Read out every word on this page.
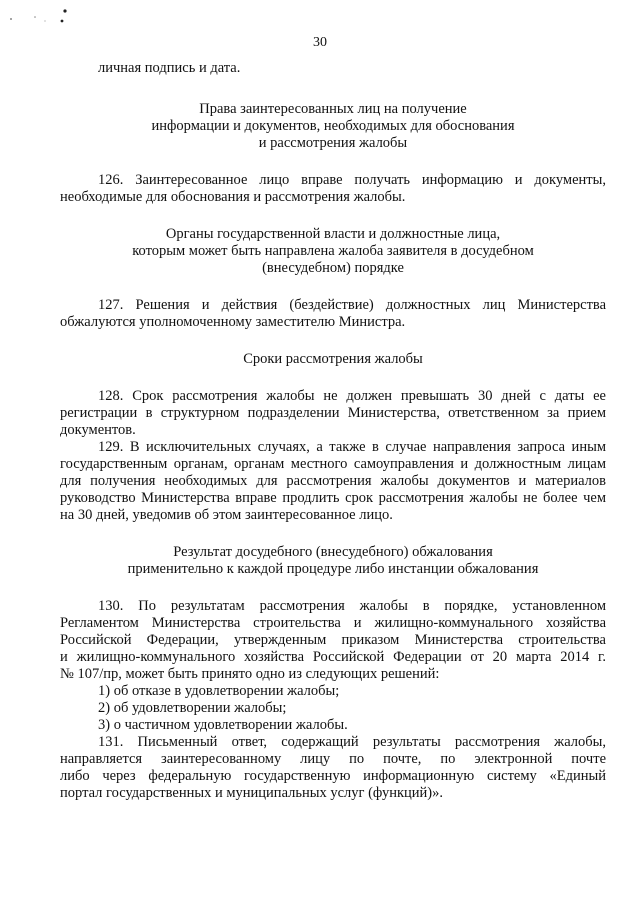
30
личная подпись и дата.
Права заинтересованных лиц на получение
информации и документов, необходимых для обоснования
и рассмотрения жалобы
126. Заинтересованное лицо вправе получать информацию и документы,
необходимые для обоснования и рассмотрения жалобы.
Органы государственной власти и должностные лица,
которым может быть направлена жалоба заявителя в досудебном
(внесудебном) порядке
127. Решения и действия (бездействие) должностных лиц Министерства
обжалуются уполномоченному заместителю Министра.
Сроки рассмотрения жалобы
128. Срок рассмотрения жалобы не должен превышать 30 дней с даты ее
регистрации в структурном подразделении Министерства, ответственном за прием
документов.
129. В исключительных случаях, а также в случае направления запроса иным
государственным органам, органам местного самоуправления и должностным лицам
для получения необходимых для рассмотрения жалобы документов и материалов
руководство Министерства вправе продлить срок рассмотрения жалобы не более чем
на 30 дней, уведомив об этом заинтересованное лицо.
Результат досудебного (внесудебного) обжалования
применительно к каждой процедуре либо инстанции обжалования
130. По результатам рассмотрения жалобы в порядке, установленном
Регламентом Министерства строительства и жилищно-коммунального хозяйства
Российской Федерации, утвержденным приказом Министерства строительства
и жилищно-коммунального хозяйства Российской Федерации от 20 марта 2014 г.
№ 107/пр, может быть принято одно из следующих решений:
1) об отказе в удовлетворении жалобы;
2) об удовлетворении жалобы;
3) о частичном удовлетворении жалобы.
131. Письменный ответ, содержащий результаты рассмотрения жалобы,
направляется заинтересованному лицу по почте, по электронной почте
либо через федеральную государственную информационную систему «Единый
портал государственных и муниципальных услуг (функций)».
